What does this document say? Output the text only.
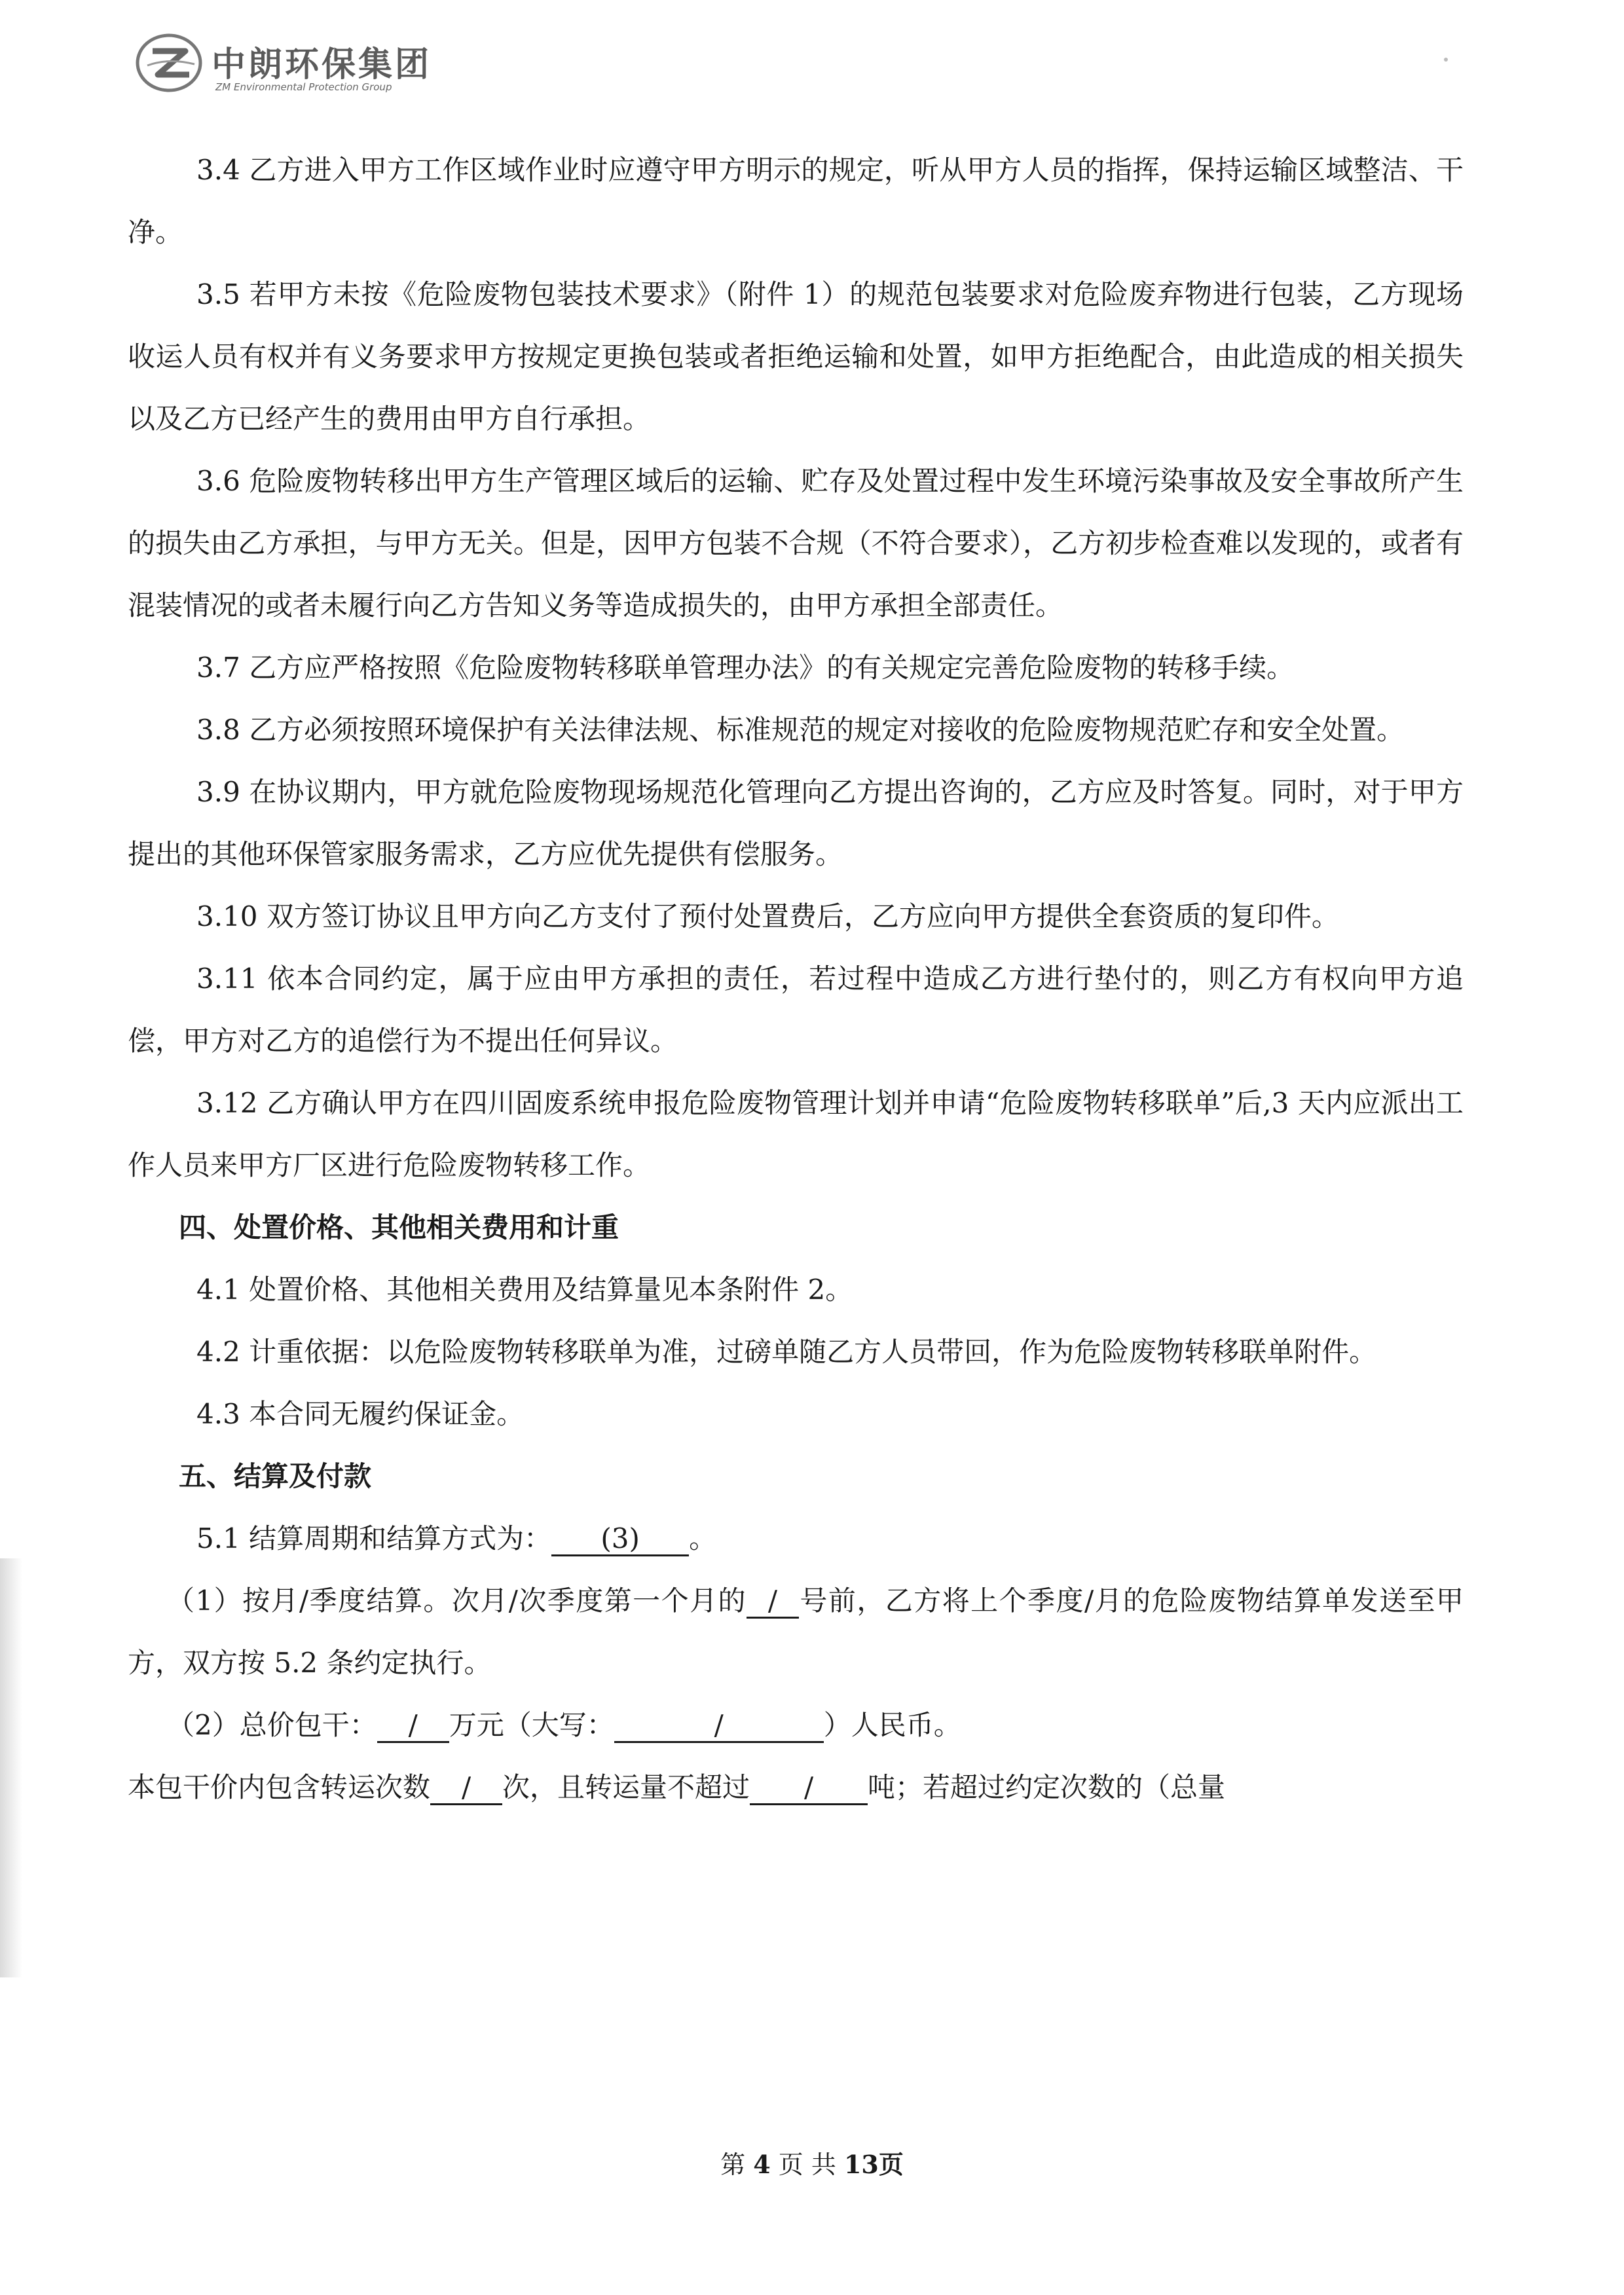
中朗环保集团
ZM Environmental Protection Group

3.4 乙方进入甲方工作区域作业时应遵守甲方明示的规定，听从甲方人员的指挥，保持运输区域整洁、干净。

3.5 若甲方未按《危险废物包装技术要求》（附件 1）的规范包装要求对危险废弃物进行包装，乙方现场收运人员有权并有义务要求甲方按规定更换包装或者拒绝运输和处置，如甲方拒绝配合，由此造成的相关损失以及乙方已经产生的费用由甲方自行承担。

3.6 危险废物转移出甲方生产管理区域后的运输、贮存及处置过程中发生环境污染事故及安全事故所产生的损失由乙方承担，与甲方无关。但是，因甲方包装不合规（不符合要求），乙方初步检查难以发现的，或者有混装情况的或者未履行向乙方告知义务等造成损失的，由甲方承担全部责任。

3.7 乙方应严格按照《危险废物转移联单管理办法》的有关规定完善危险废物的转移手续。

3.8 乙方必须按照环境保护有关法律法规、标准规范的规定对接收的危险废物规范贮存和安全处置。

3.9 在协议期内，甲方就危险废物现场规范化管理向乙方提出咨询的，乙方应及时答复。同时，对于甲方提出的其他环保管家服务需求，乙方应优先提供有偿服务。

3.10 双方签订协议且甲方向乙方支付了预付处置费后，乙方应向甲方提供全套资质的复印件。

3.11 依本合同约定，属于应由甲方承担的责任，若过程中造成乙方进行垫付的，则乙方有权向甲方追偿，甲方对乙方的追偿行为不提出任何异议。

3.12 乙方确认甲方在四川固废系统申报危险废物管理计划并申请“危险废物转移联单”后,3 天内应派出工作人员来甲方厂区进行危险废物转移工作。

四、处置价格、其他相关费用和计重

4.1 处置价格、其他相关费用及结算量见本条附件 2。

4.2 计重依据：以危险废物转移联单为准，过磅单随乙方人员带回，作为危险废物转移联单附件。

4.3 本合同无履约保证金。

五、结算及付款

5.1 结算周期和结算方式为： (3) 。

（1）按月/季度结算。次月/次季度第一个月的 / 号前，乙方将上个季度/月的危险废物结算单发送至甲方，双方按 5.2 条约定执行。

（2）总价包干： / 万元（大写：	/	）人民币。

本包干价内包含转运次数 / 次，且转运量不超过 / 吨；若超过约定次数的（总量

第 4 页 共 13页
